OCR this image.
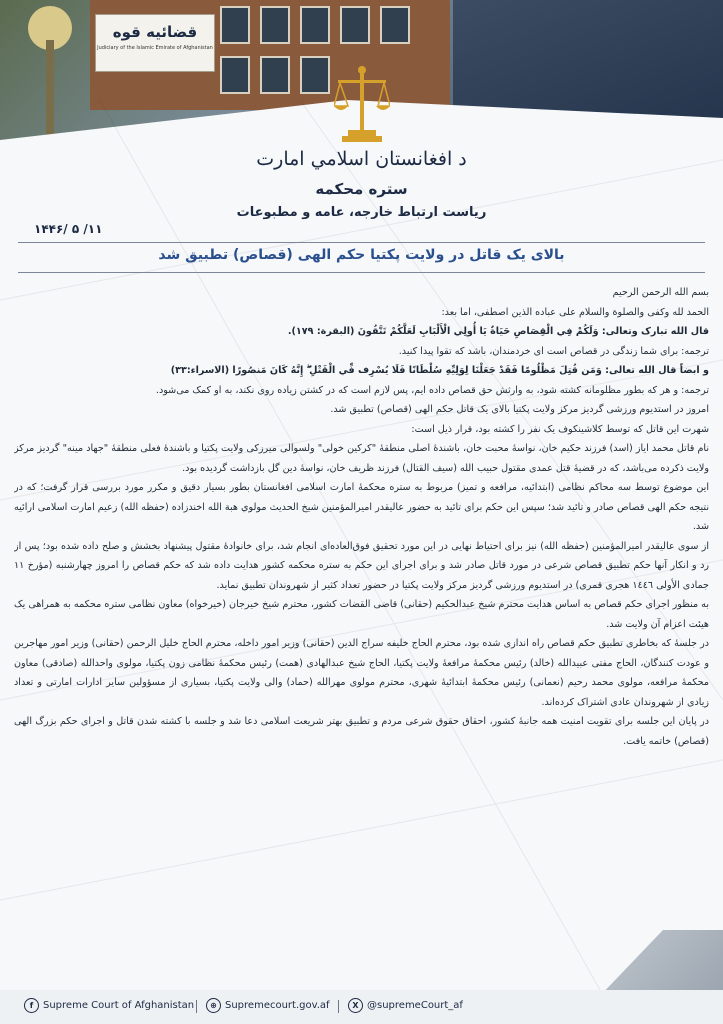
قضائیه قوه
Judiciary of the Islamic Emirate of Afghanistan
د افغانستان اسلامي امارت
ستره محکمه
ریاست ارتباط خارجه، عامه و مطبوعات
۱۴۴۶/ ۵ /۱۱
بالای یک قاتل در ولایت پکتیا حکم الهی (قصاص) تطبیق شد

بسم الله الرحمن الرحیم

الحمد لله وکفی والصلوة والسلام علی عباده الذین اصطفی، اما بعد:

قال الله تبارک وتعالی: وَلَكُمْ فِي الْقِصَاصِ حَيَاةٌ يَا أُولِي الْأَلْبَابِ لَعَلَّكُمْ تَتَّقُونَ (البقرة: ١٧٩).

ترجمه: برای شما زندگی در قصاص است ای خردمندان، باشد که تقوا پیدا کنید.

و ابضاً قال الله تعالی: وَمَن قُتِلَ مَظْلُومًا فَقَدْ جَعَلْنَا لِوَلِيِّهِ سُلْطَانًا فَلَا يُسْرِف فِّي الْقَتْلِ ۖ إِنَّهُ كَانَ مَنصُورًا (الاسراء:۳۳)

ترجمه: و هر که بطور مظلومانه کشته شود، به وارثش حق قصاص داده ایم، پس لازم است که در کشتن زیاده روی نکند، به او کمک می‌شود.

امروز در استدیوم ورزشی گردیز مرکز ولایت پکتیا بالای یک قاتل حکم الهی (قصاص) تطبیق شد.

شهرت این قاتل که توسط کلاشینکوف یک نفر را کشته بود، قرار ذیل است:

نام قاتل محمد ایاز (اسد) فرزند حکیم خان، نواسهٔ محبت خان، باشندهٔ اصلی منطقهٔ "کرکین خولی" ولسوالی میرزکی ولایت پکتیا و باشندهٔ فعلی منطقهٔ "جهاد مینه" گردیز مرکز ولایت ذکرده می‌باشد، که در قضیهٔ قتل عمدی مقتول حبیب الله (سیف القتال) فرزند ظریف خان، نواسهٔ دین گل بازداشت گردیده بود.

این موضوع توسط سه محاکم نظامی (ابتدائیه، مرافعه و تمیز) مربوط به ستره محکمهٔ امارت اسلامی افغانستان بطور بسیار دقیق و مکرر مورد بررسی قرار گرفت؛ که در نتیجه حکم الهی قصاص صادر و تائید شد؛ سپس این حکم برای تائید به حضور عالیقدر امیرالمؤمنین شیخ الحدیث مولوي هبة الله اخندزاده (حفظه الله) زعیم امارت اسلامی ارائیه شد.

از سوی عالیقدر امیرالمؤمنین (حفظه الله) نیز برای احتیاط نهایی در این مورد تحقیق فوق‌العاده‌ای انجام شد، برای خانوادهٔ مقتول پیشنهاد بخشش و صلح داده شده بود؛ پس از رد و انکار آنها حکم تطبیق قصاص شرعی در مورد قاتل صادر شد و برای اجرای این حکم به ستره محکمه کشور هدایت داده شد که حکم قصاص را امروز چهارشنبه (مؤرخ ١١ جمادی الأولی ١٤٤٦ هجری قمری) در استدیوم ورزشی گردیز مرکز ولایت پکتیا در حضور تعداد کثیر از شهروندان تطبیق نماید.

به منظور اجرای حکم قصاص به اساس هدایت محترم شیخ عبدالحکیم (حقانی) قاضی القضات کشور، محترم شیخ خیرجان (خیرخواه) معاون نظامی ستره محکمه به همراهی یک هیئت اعزام آن ولایت شد.

در جلسهٔ که بخاطری تطبیق حکم قصاص راه اندازی شده بود، محترم الحاج خلیفه سراج الدین (حقانی) وزیر امور داخله، محترم الحاج خلیل الرحمن (حقانی) وزیر امور مهاجرین و عودت کنندگان، الحاج مفتی عبیدالله (خالد) رئیس محکمهٔ مرافعهٔ ولایت پکتیا، الحاج شیخ عبدالهادی (همت) رئیس محکمهٔ نظامی زون پکتیا، مولوی واحدالله (صادقی) معاون محکمهٔ مرافعه، مولوی محمد رحیم (نعمانی) رئیس محکمهٔ ابتدائیهٔ شهری، محترم مولوی مهرالله (حماد) والی ولایت پکتیا، بسیاری از مسؤولین سایر ادارات امارتی و تعداد زیادی از شهروندان عادی اشتراک کرده‌اند.

در پایان این جلسه برای تقویت امنیت همه جانبهٔ کشور، احقاق حقوق شرعی مردم و تطبیق بهتر شریعت اسلامی دعا شد و جلسه با کشته شدن قاتل و اجرای حکم بزرگ الهی (قصاص) خاتمه یافت.

f Supreme Court of Afghanistan	⊕ Supremecourt.gov.af	X @supremeCourt_af
